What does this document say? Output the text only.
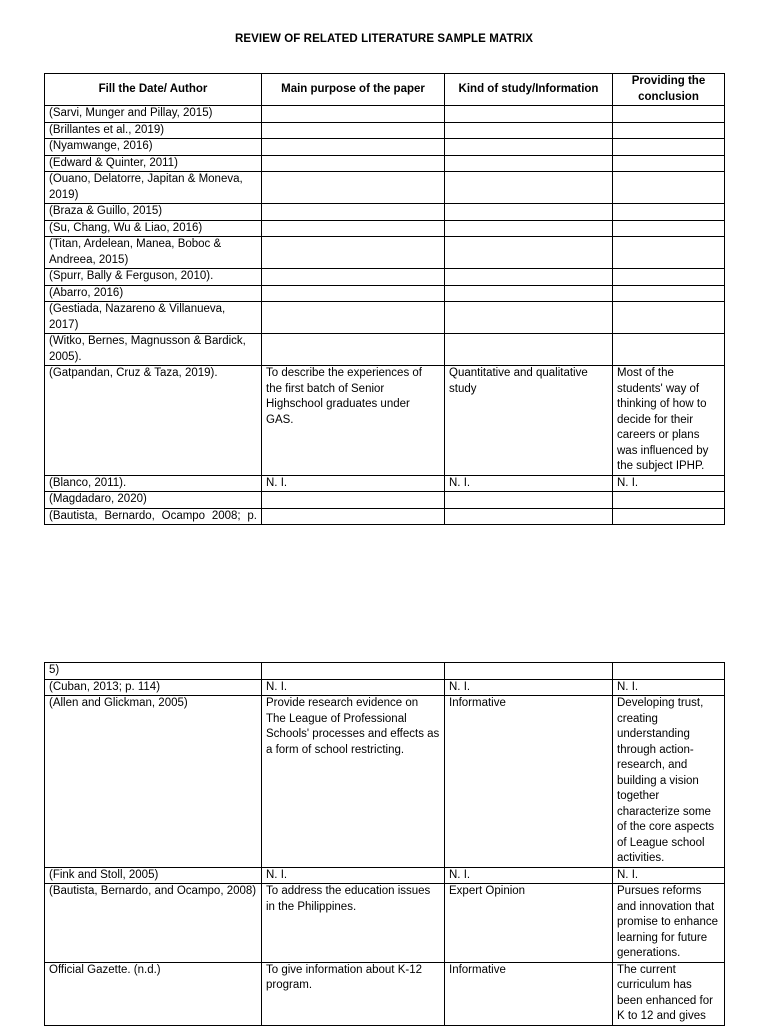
REVIEW OF RELATED LITERATURE SAMPLE MATRIX
Fill the Date/ Author	Main purpose of the paper	Kind of study/Information	Providing the conclusion
(Sarvi, Munger and Pillay, 2015)			
(Brillantes et al., 2019)			
(Nyamwange, 2016)			
(Edward & Quinter, 2011)			
(Ouano, Delatorre, Japitan & Moneva, 2019)			
(Braza & Guillo, 2015)			
(Su, Chang, Wu & Liao, 2016)			
(Titan, Ardelean, Manea, Boboc & Andreea, 2015)			
(Spurr, Bally & Ferguson, 2010).			
(Abarro, 2016)			
(Gestiada, Nazareno & Villanueva, 2017)			
(Witko, Bernes, Magnusson & Bardick, 2005).			
(Gatpandan, Cruz & Taza, 2019).	To describe the experiences of the first batch of Senior Highschool graduates under GAS.	Quantitative and qualitative study	Most of the students' way of thinking of how to decide for their careers or plans was influenced by the subject IPHP.
(Blanco, 2011).	N. I.	N. I.	N. I.
(Magdadaro, 2020)			
(Bautista, Bernardo, Ocampo 2008; p.			
5)			
(Cuban, 2013; p. 114)	N. I.	N. I.	N. I.
(Allen and Glickman, 2005)	Provide research evidence on The League of Professional Schools' processes and effects as a form of school restricting.	Informative	Developing trust, creating understanding through action-research, and building a vision together characterize some of the core aspects of League school activities.
(Fink and Stoll, 2005)	N. I.	N. I.	N. I.
(Bautista, Bernardo, and Ocampo, 2008)	To address the education issues in the Philippines.	Expert Opinion	Pursues reforms and innovation that promise to enhance learning for future generations.
Official Gazette. (n.d.)	To give information about K-12 program.	Informative	The current curriculum has been enhanced for K to 12 and gives
